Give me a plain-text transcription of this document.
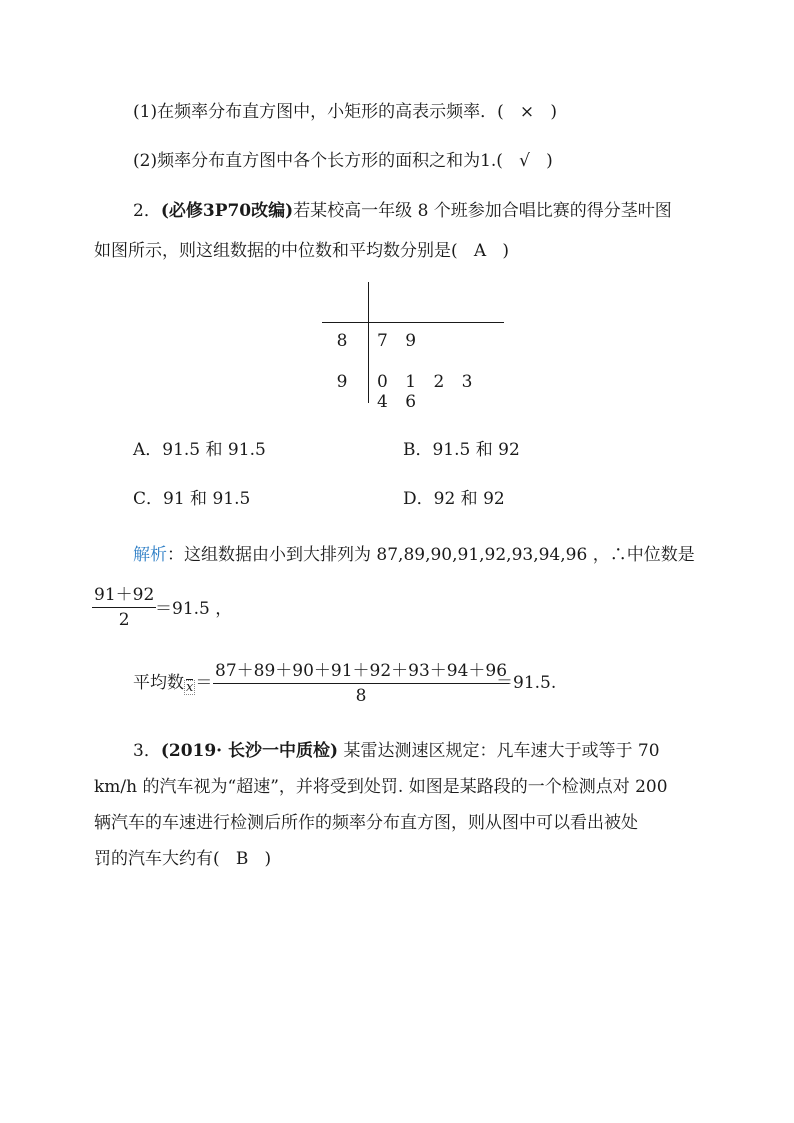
(1)在频率分布直方图中，小矩形的高表示频率．(   ×   )
(2)频率分布直方图中各个长方形的面积之和为1.(   √   )
2．(必修3P70改编)若某校高一年级 8 个班参加合唱比赛的得分茎叶图
如图所示，则这组数据的中位数和平均数分别是(   A   )
8	7 9
9	0 1 2 3 4 6
A．91.5 和 91.5	B．91.5 和 92
C．91 和 91.5	D．92 和 92
解析：这组数据由小到大排列为 87,89,90,91,92,93,94,96 ，∴中位数是
91＋92
2
＝91.5 ，
平均数 x ＝
87＋89＋90＋91＋92＋93＋94＋96
8
＝91.5.
3．(2019· 长沙一中质检) 某雷达测速区规定：凡车速大于或等于 70
km/h 的汽车视为“超速”，并将受到处罚. 如图是某路段的一个检测点对 200
辆汽车的车速进行检测后所作的频率分布直方图，则从图中可以看出被处
罚的汽车大约有(   B   )
